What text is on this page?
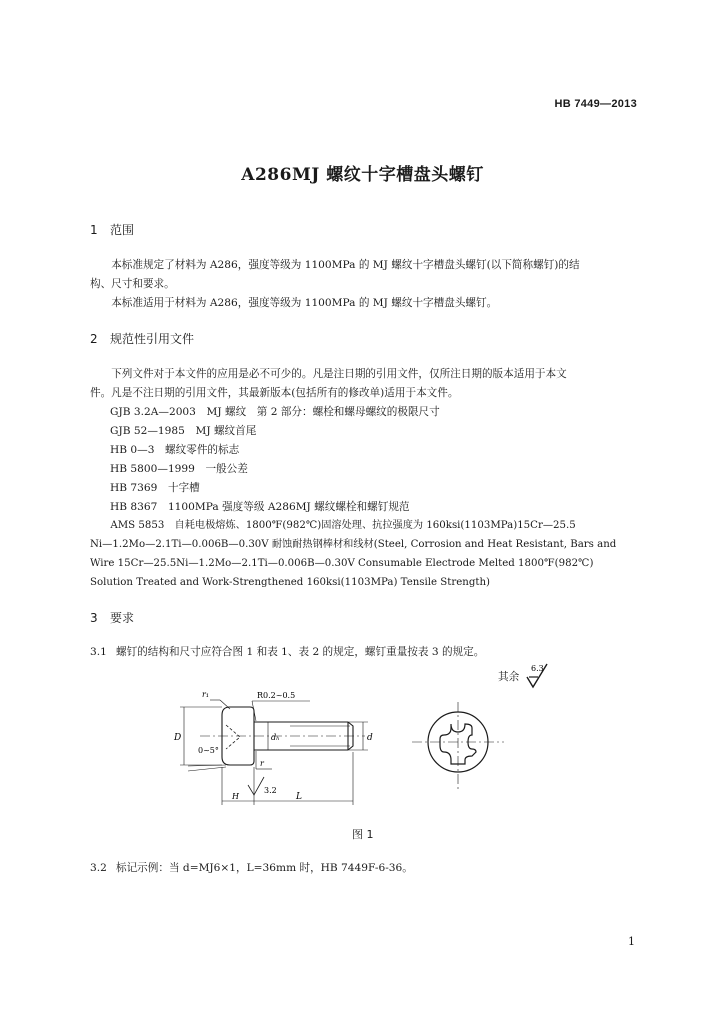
HB 7449—2013
A286MJ 螺纹十字槽盘头螺钉
1 范围
本标准规定了材料为 A286，强度等级为 1100MPa 的 MJ 螺纹十字槽盘头螺钉(以下简称螺钉)的结
构、尺寸和要求。
本标准适用于材料为 A286，强度等级为 1100MPa 的 MJ 螺纹十字槽盘头螺钉。
2 规范性引用文件
下列文件对于本文件的应用是必不可少的。凡是注日期的引用文件，仅所注日期的版本适用于本文
件。凡是不注日期的引用文件，其最新版本(包括所有的修改单)适用于本文件。
GJB 3.2A—2003　MJ 螺纹　第 2 部分：螺栓和螺母螺纹的极限尺寸
GJB 52—1985　MJ 螺纹首尾
HB 0—3　螺纹零件的标志
HB 5800—1999　一般公差
HB 7369　十字槽
HB 8367　1100MPa 强度等级 A286MJ 螺纹螺栓和螺钉规范
AMS 5853　自耗电极熔炼、1800℉(982℃)固溶处理、抗拉强度为 160ksi(1103MPa)15Cr—25.5
Ni—1.2Mo—2.1Ti—0.006B—0.30V 耐蚀耐热钢棒材和线材(Steel, Corrosion and Heat Resistant, Bars and
Wire 15Cr—25.5Ni—1.2Mo—2.1Ti—0.006B—0.30V Consumable Electrode Melted 1800℉(982℃)
Solution Treated and Work-Strengthened 160ksi(1103MPa) Tensile Strength)
3 要求
3.1 螺钉的结构和尺寸应符合图 1 和表 1、表 2 的规定，螺钉重量按表 3 的规定。
其余
6.3
r₁	R0.2~0.5
D
0~5°
dₕ	d
r
3.2
H	L
图 1
3.2 标记示例：当 d=MJ6×1，L=36mm 时，HB 7449F-6-36。
1
